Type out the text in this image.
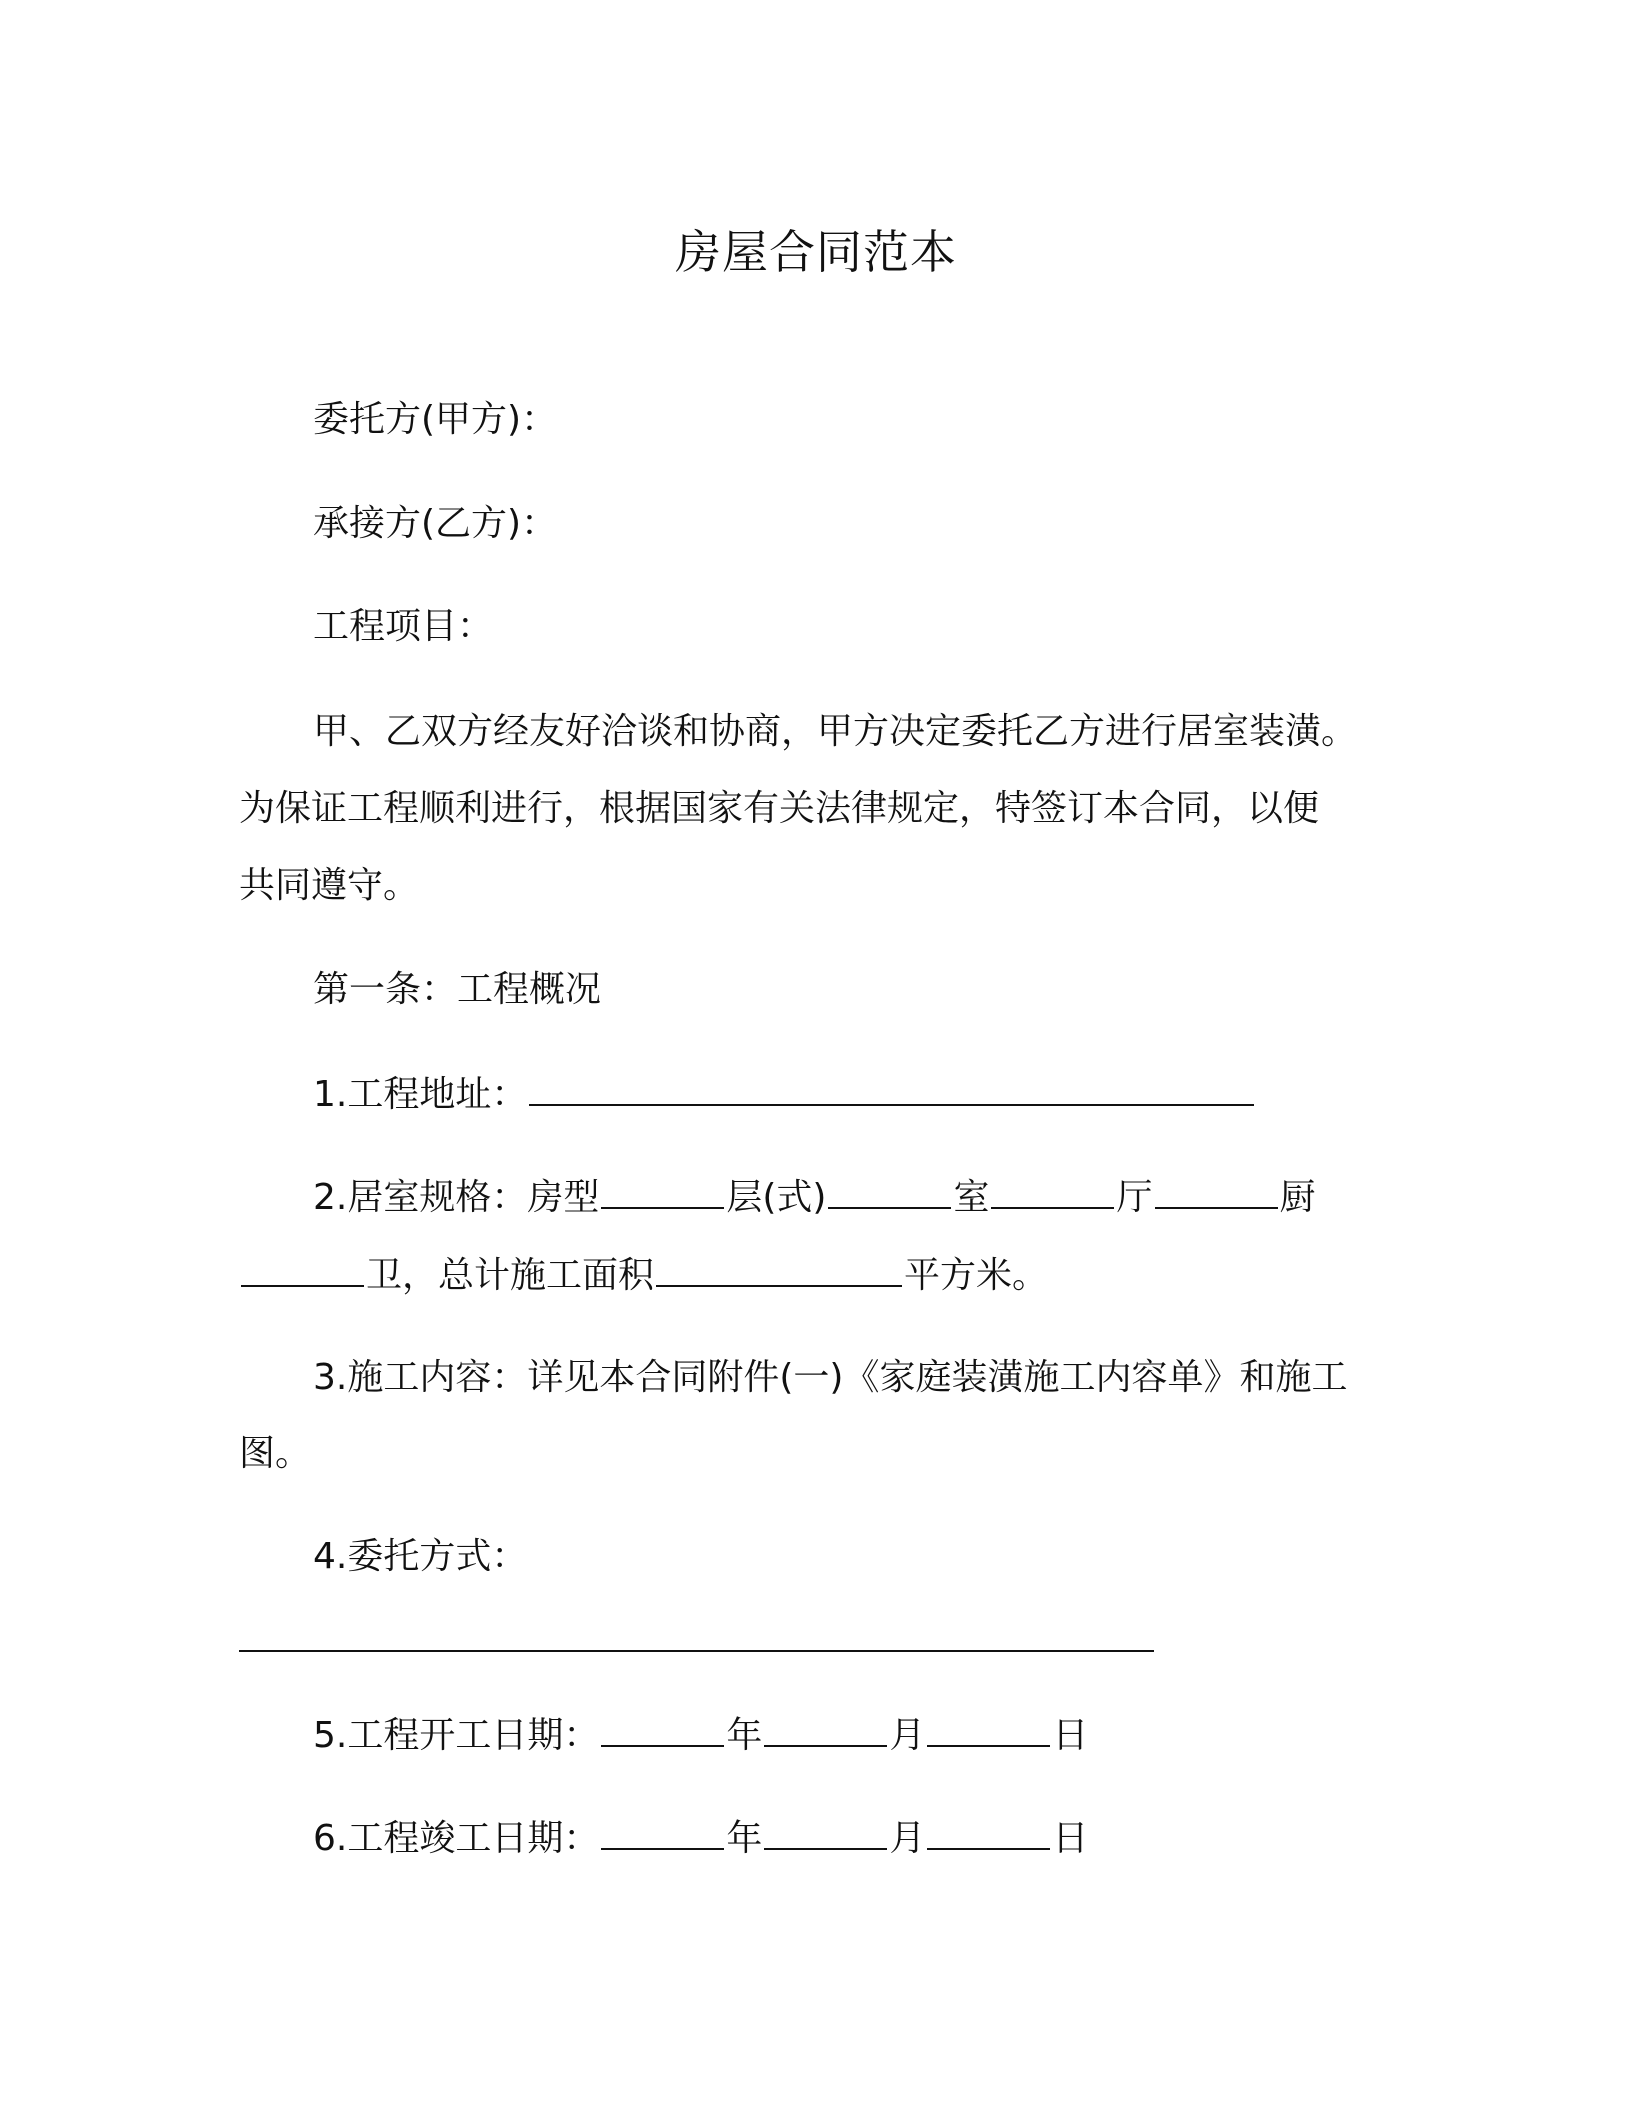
房屋合同范本
委托方(甲方)：
承接方(乙方)：
工程项目：
甲、乙双方经友好洽谈和协商，甲方决定委托乙方进行居室装潢。
为保证工程顺利进行，根据国家有关法律规定，特签订本合同，以便
共同遵守。
第一条：工程概况
1.工程地址：
2.居室规格：房型	层(式)	室	厅	厨
卫，总计施工面积	平方米。
3.施工内容：详见本合同附件(一)《家庭装潢施工内容单》和施工
图。
4.委托方式：
5.工程开工日期：	年	月	日
6.工程竣工日期：	年	月	日
